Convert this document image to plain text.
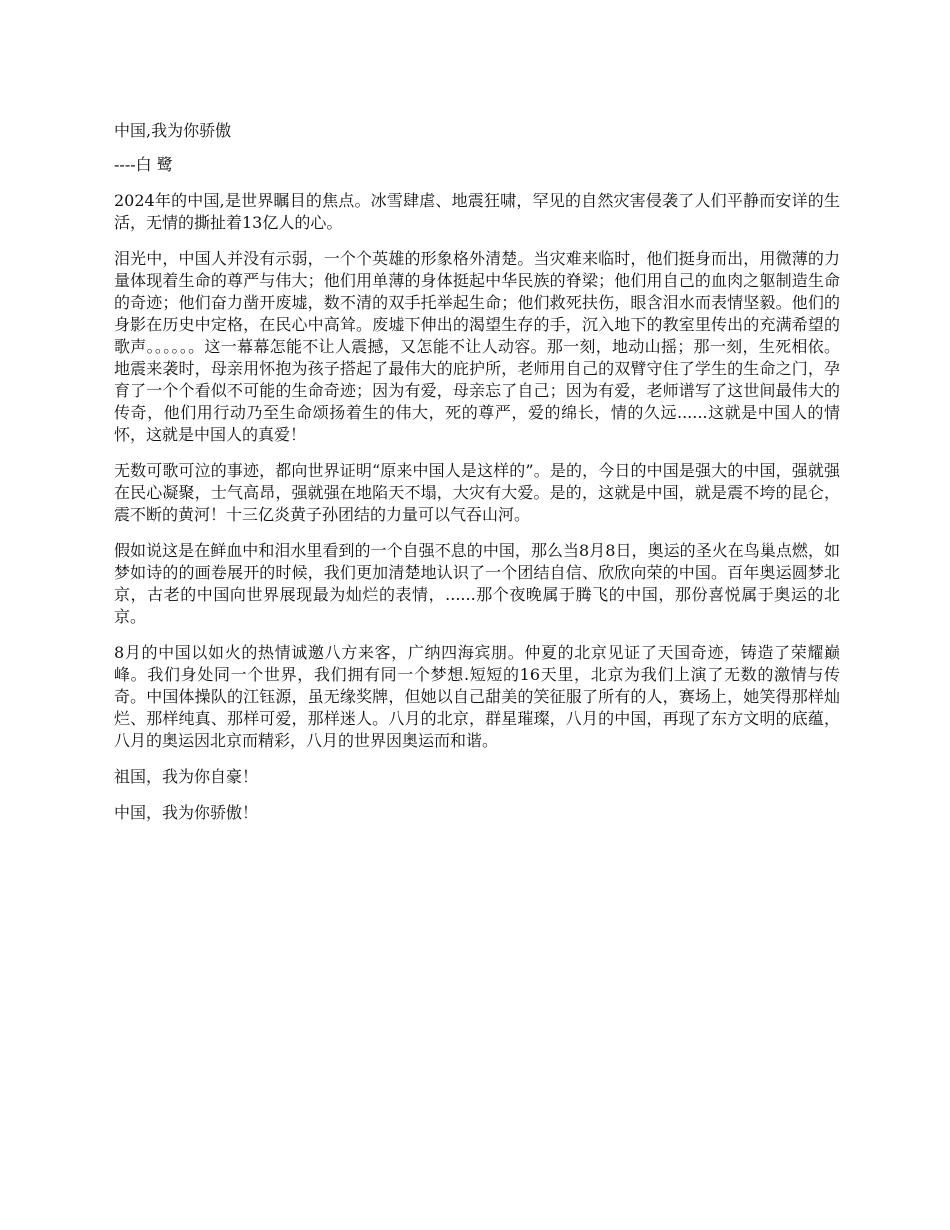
中国,我为你骄傲

----白 鹭

2024年的中国,是世界瞩目的焦点。冰雪肆虐、地震狂啸，罕见的自然灾害侵袭了人们平静而安详的生活，无情的撕扯着13亿人的心。

泪光中，中国人并没有示弱，一个个英雄的形象格外清楚。当灾难来临时，他们挺身而出，用微薄的力量体现着生命的尊严与伟大；他们用单薄的身体挺起中华民族的脊梁；他们用自己的血肉之躯制造生命的奇迹；他们奋力凿开废墟，数不清的双手托举起生命；他们救死扶伤，眼含泪水而表情坚毅。他们的身影在历史中定格，在民心中高耸。废墟下伸出的渴望生存的手，沉入地下的教室里传出的充满希望的歌声。。。。。。这一幕幕怎能不让人震撼，又怎能不让人动容。那一刻，地动山摇；那一刻，生死相依。地震来袭时，母亲用怀抱为孩子搭起了最伟大的庇护所，老师用自己的双臂守住了学生的生命之门，孕育了一个个看似不可能的生命奇迹；因为有爱，母亲忘了自己；因为有爱，老师谱写了这世间最伟大的传奇，他们用行动乃至生命颂扬着生的伟大，死的尊严，爱的绵长，情的久远......这就是中国人的情怀，这就是中国人的真爱！

无数可歌可泣的事迹，都向世界证明“原来中国人是这样的”。是的，今日的中国是强大的中国，强就强在民心凝聚，士气高昂，强就强在地陷天不塌，大灾有大爱。是的，这就是中国，就是震不垮的昆仑，震不断的黄河！十三亿炎黄子孙团结的力量可以气吞山河。

假如说这是在鲜血中和泪水里看到的一个自强不息的中国，那么当8月8日，奥运的圣火在鸟巢点燃，如梦如诗的的画卷展开的时候，我们更加清楚地认识了一个团结自信、欣欣向荣的中国。百年奥运圆梦北京，古老的中国向世界展现最为灿烂的表情，......那个夜晚属于腾飞的中国，那份喜悦属于奥运的北京。

8月的中国以如火的热情诚邀八方来客，广纳四海宾朋。仲夏的北京见证了天国奇迹，铸造了荣耀巅峰。我们身处同一个世界，我们拥有同一个梦想.短短的16天里，北京为我们上演了无数的激情与传奇。中国体操队的江钰源，虽无缘奖牌，但她以自己甜美的笑征服了所有的人，赛场上，她笑得那样灿烂、那样纯真、那样可爱，那样迷人。八月的北京，群星璀璨，八月的中国，再现了东方文明的底蕴，八月的奥运因北京而精彩，八月的世界因奥运而和谐。

祖国，我为你自豪！

中国，我为你骄傲！
